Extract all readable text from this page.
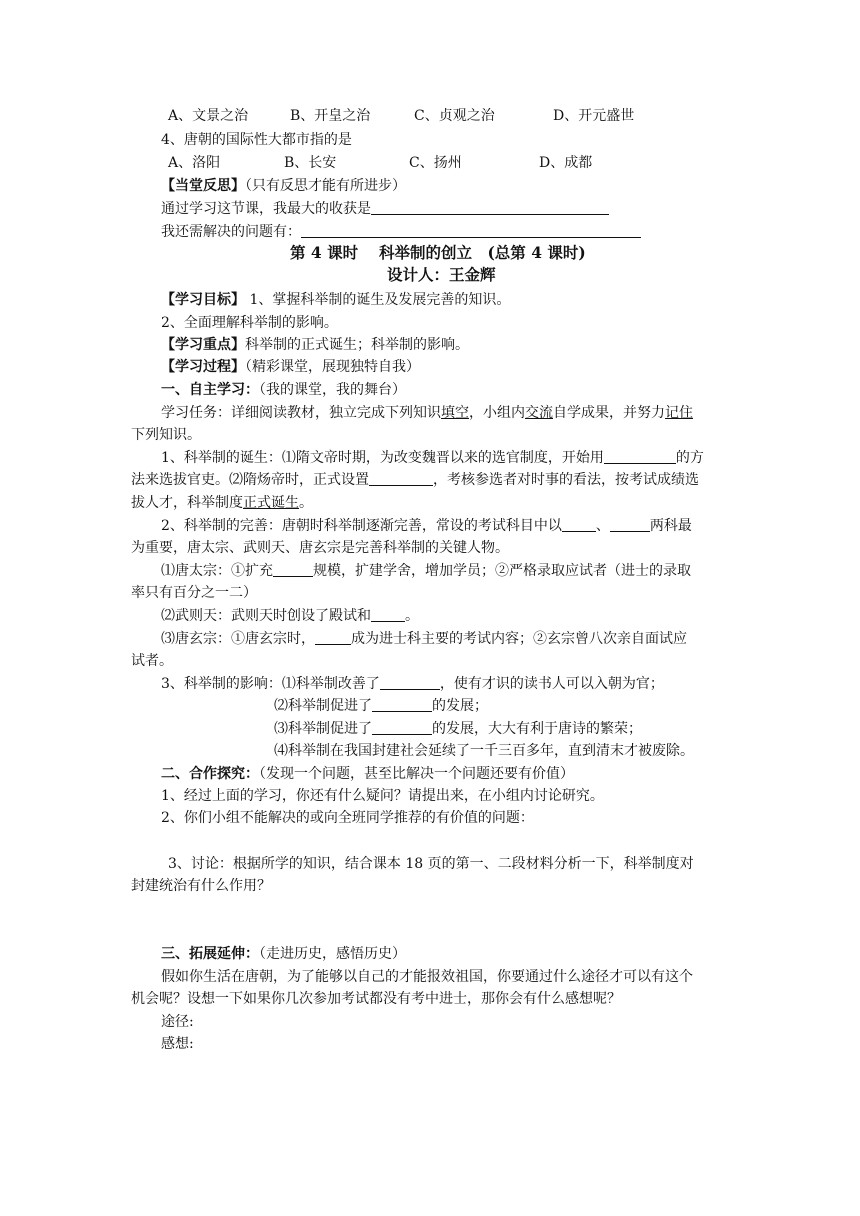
A、文景之治	B、开皇之治	C、贞观之治	D、开元盛世
4、唐朝的国际性大都市指的是
A、洛阳	B、长安	C、扬州	D、成都
【当堂反思】（只有反思才能有所进步）
通过学习这节课，我最大的收获是
我还需解决的问题有：
第 4 课时　 科举制的创立　(总第 4 课时)
设计人：王金辉
【学习目标】 1、掌握科举制的诞生及发展完善的知识。
2、全面理解科举制的影响。
【学习重点】科举制的正式诞生；科举制的影响。
【学习过程】（精彩课堂，展现独特自我）
一、自主学习：（我的课堂，我的舞台）
学习任务：详细阅读教材，独立完成下列知识填空，小组内交流自学成果，并努力记住
下列知识。
1、科举制的诞生：⑴隋文帝时期，为改变魏晋以来的选官制度，开始用	的方
法来选拔官吏。⑵隋炀帝时，正式设置	，考核参选者对时事的看法，按考试成绩选
拔人才，科举制度正式诞生。
2、科举制的完善：唐朝时科举制逐渐完善，常设的考试科目中以 、	两科最
为重要，唐太宗、武则天、唐玄宗是完善科举制的关键人物。
⑴唐太宗：①扩充	规模，扩建学舍，增加学员；②严格录取应试者（进士的录取
率只有百分之一二）
⑵武则天：武则天时创设了殿试和 。
⑶唐玄宗：①唐玄宗时，	成为进士科主要的考试内容；②玄宗曾八次亲自面试应
试者。
3、科举制的影响：⑴科举制改善了	，使有才识的读书人可以入朝为官；
⑵科举制促进了	的发展；
⑶科举制促进了	的发展，大大有利于唐诗的繁荣；
⑷科举制在我国封建社会延续了一千三百多年，直到清末才被废除。
二、合作探究：（发现一个问题，甚至比解决一个问题还要有价值）
1、经过上面的学习，你还有什么疑问？请提出来，在小组内讨论研究。
2、你们小组不能解决的或向全班同学推荐的有价值的问题：
3、讨论：根据所学的知识，结合课本 18 页的第一、二段材料分析一下，科举制度对
封建统治有什么作用？
三、拓展延伸：（走进历史，感悟历史）
假如你生活在唐朝，为了能够以自己的才能报效祖国，你要通过什么途径才可以有这个
机会呢？设想一下如果你几次参加考试都没有考中进士，那你会有什么感想呢？
途径:
感想:
